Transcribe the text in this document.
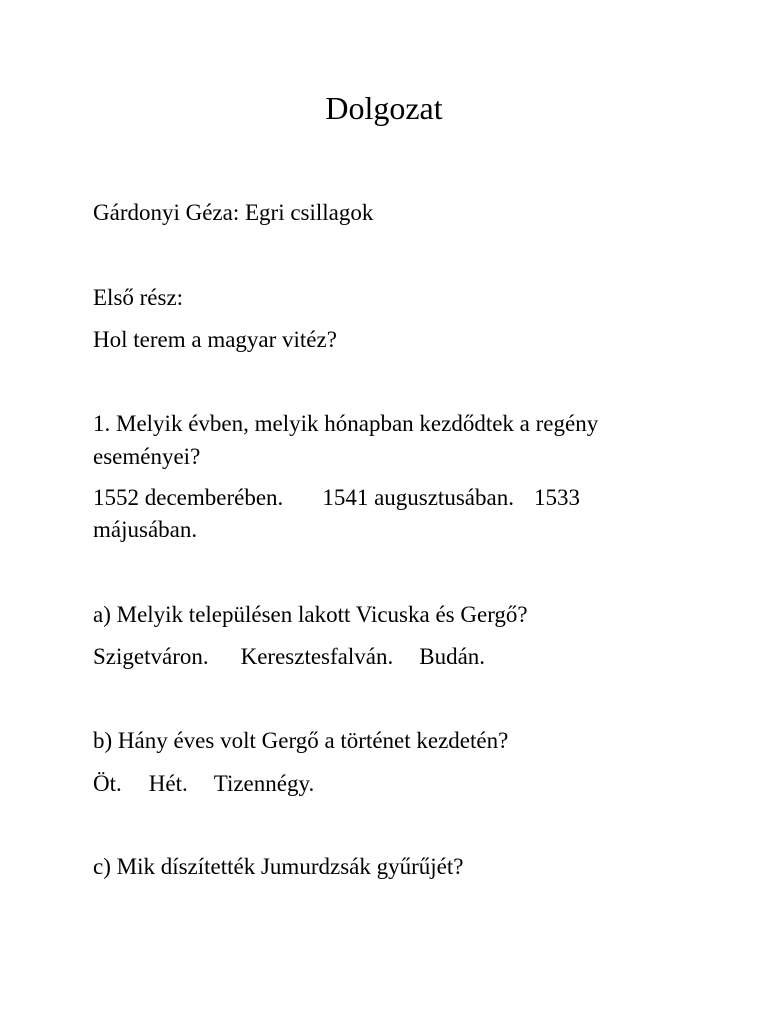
Dolgozat
Gárdonyi Géza: Egri csillagok
Első rész:
Hol terem a magyar vitéz?
1. Melyik évben, melyik hónapban kezdődtek a regény
eseményei?
1552 decemberében. 1541 augusztusában. 1533
májusában.
a) Melyik településen lakott Vicuska és Gergő?
Szigetváron. Keresztesfalván. Budán.
b) Hány éves volt Gergő a történet kezdetén?
Öt. Hét. Tizennégy.
c) Mik díszítették Jumurdzsák gyűrűjét?
